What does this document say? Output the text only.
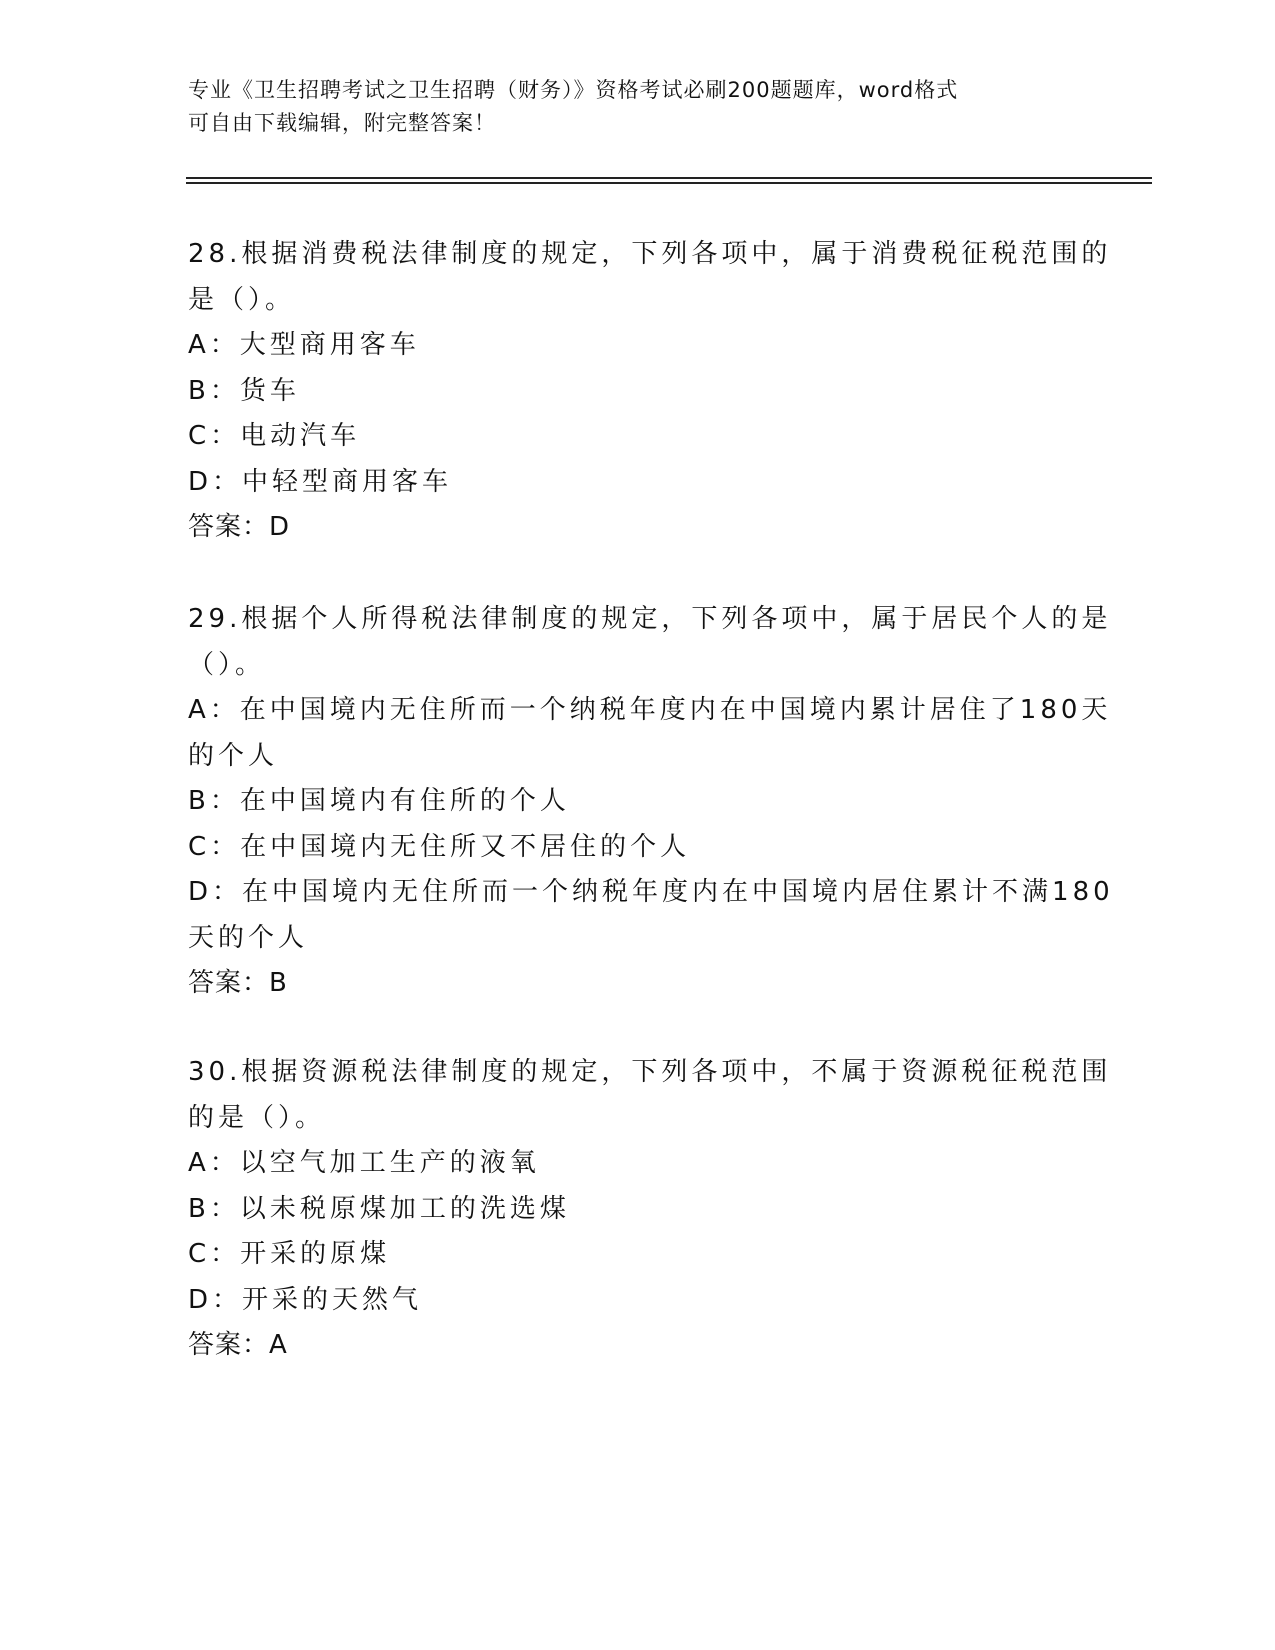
专业《卫生招聘考试之卫生招聘（财务）》资格考试必刷200题题库，word格式
可自由下载编辑，附完整答案！
28.根据消费税法律制度的规定，下列各项中，属于消费税征税范围的
是（）。
A：大型商用客车
B：货车
C：电动汽车
D：中轻型商用客车
答案：D
29.根据个人所得税法律制度的规定，下列各项中，属于居民个人的是
（）。
A：在中国境内无住所而一个纳税年度内在中国境内累计居住了180天
的个人
B：在中国境内有住所的个人
C：在中国境内无住所又不居住的个人
D：在中国境内无住所而一个纳税年度内在中国境内居住累计不满180
天的个人
答案：B
30.根据资源税法律制度的规定，下列各项中，不属于资源税征税范围
的是（）。
A：以空气加工生产的液氧
B：以未税原煤加工的洗选煤
C：开采的原煤
D：开采的天然气
答案：A
